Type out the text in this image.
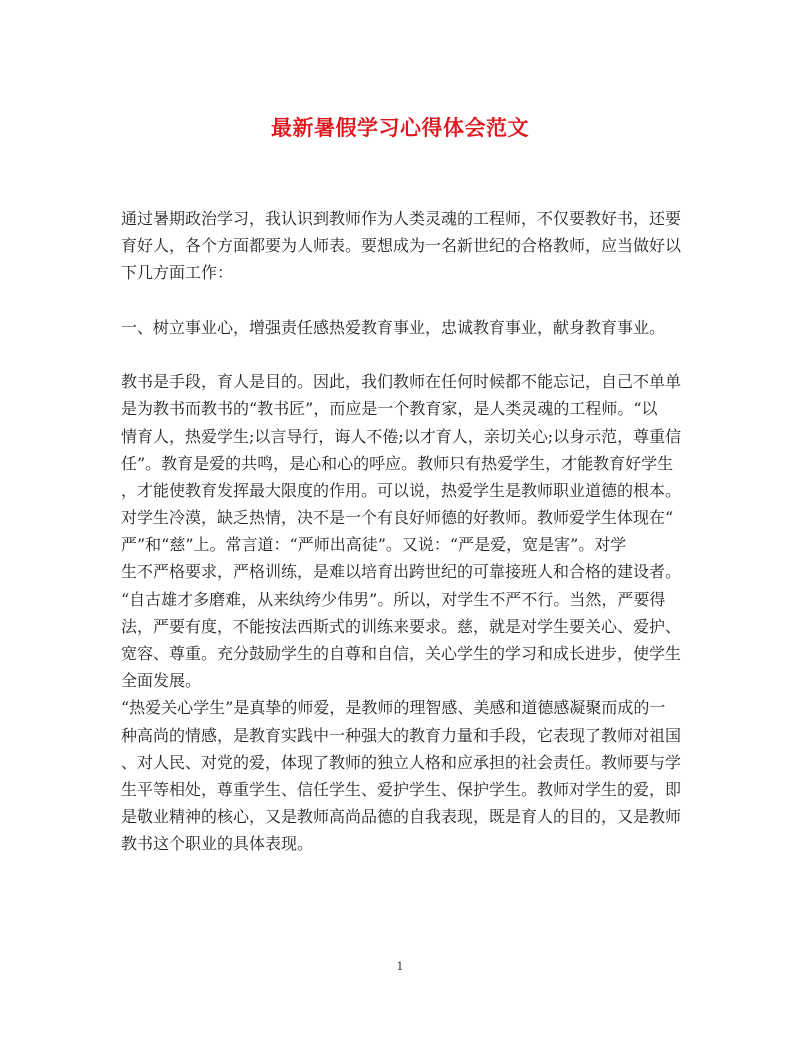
最新暑假学习心得体会范文
通过暑期政治学习，我认识到教师作为人类灵魂的工程师，不仅要教好书，还要
育好人，各个方面都要为人师表。要想成为一名新世纪的合格教师，应当做好以
下几方面工作：
一、树立事业心，增强责任感热爱教育事业，忠诚教育事业，献身教育事业。
教书是手段，育人是目的。因此，我们教师在任何时候都不能忘记，自己不单单
是为教书而教书的“教书匠”，而应是一个教育家，是人类灵魂的工程师。“以
情育人，热爱学生;以言导行，诲人不倦;以才育人，亲切关心;以身示范，尊重信
任”。教育是爱的共鸣，是心和心的呼应。教师只有热爱学生，才能教育好学生
，才能使教育发挥最大限度的作用。可以说，热爱学生是教师职业道德的根本。
对学生冷漠，缺乏热情，决不是一个有良好师德的好教师。教师爱学生体现在“
严”和“慈”上。常言道：“严师出高徒”。又说：“严是爱，宽是害”。对学
生不严格要求，严格训练，是难以培育出跨世纪的可靠接班人和合格的建设者。
“自古雄才多磨难，从来纨绔少伟男”。所以，对学生不严不行。当然，严要得
法，严要有度，不能按法西斯式的训练来要求。慈，就是对学生要关心、爱护、
宽容、尊重。充分鼓励学生的自尊和自信，关心学生的学习和成长进步，使学生
全面发展。
“热爱关心学生”是真挚的师爱，是教师的理智感、美感和道德感凝聚而成的一
种高尚的情感，是教育实践中一种强大的教育力量和手段，它表现了教师对祖国
、对人民、对党的爱，体现了教师的独立人格和应承担的社会责任。教师要与学
生平等相处，尊重学生、信任学生、爱护学生、保护学生。教师对学生的爱，即
是敬业精神的核心，又是教师高尚品德的自我表现，既是育人的目的，又是教师
教书这个职业的具体表现。
1
